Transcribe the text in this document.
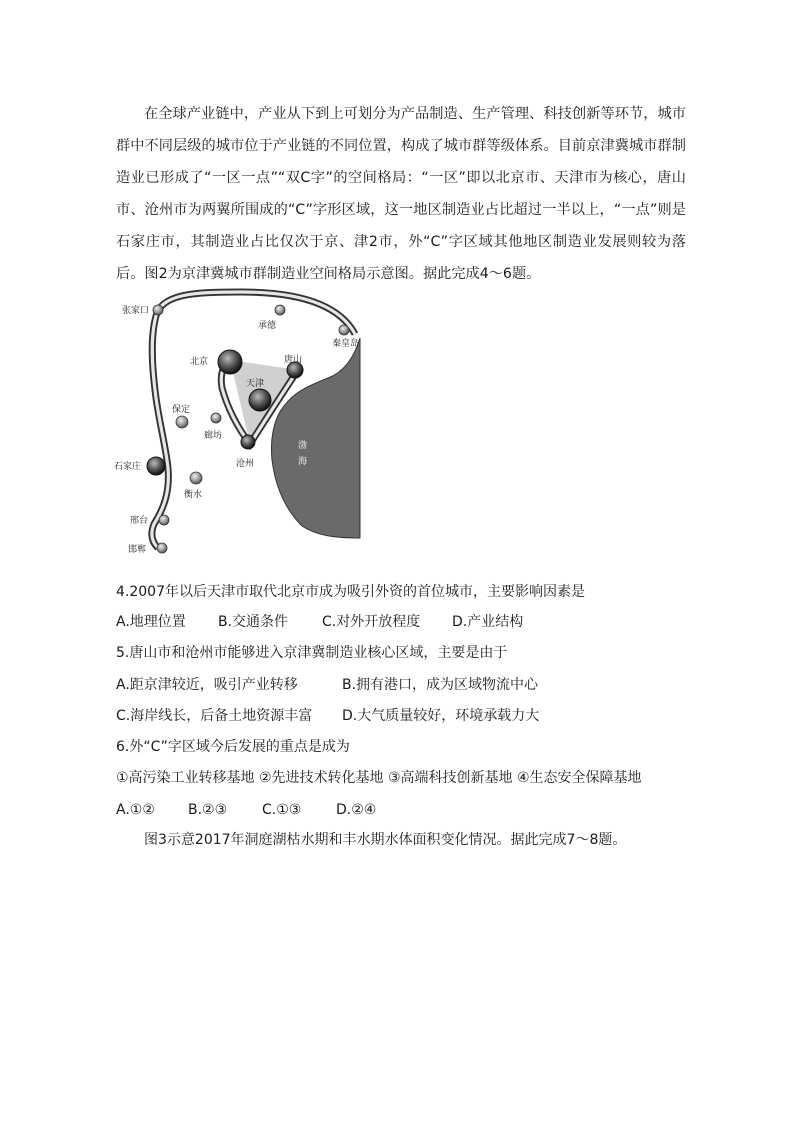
在全球产业链中，产业从下到上可划分为产品制造、生产管理、科技创新等环节，城市群中不同层级的城市位于产业链的不同位置，构成了城市群等级体系。目前京津冀城市群制造业已形成了“一区一点”“双C字”的空间格局：“一区”即以北京市、天津市为核心，唐山市、沧州市为两翼所围成的“C”字形区域，这一地区制造业占比超过一半以上，“一点”则是石家庄市，其制造业占比仅次于京、津2市，外“C”字区域其他地区制造业发展则较为落后。图2为京津冀城市群制造业空间格局示意图。据此完成4～6题。

张家口
承德
秦皇岛
北京	唐山
天津
保定
廊坊
渤
海
石家庄	沧州
衡水
邢台
邯郸
4.2007年以后天津市取代北京市成为吸引外资的首位城市，主要影响因素是
A.地理位置 B.交通条件 C.对外开放程度 D.产业结构
5.唐山市和沧州市能够进入京津冀制造业核心区域，主要是由于
A.距京津较近，吸引产业转移	B.拥有港口，成为区域物流中心
C.海岸线长，后备土地资源丰富 D.大气质量较好，环境承载力大
6.外“C”字区域今后发展的重点是成为
①高污染工业转移基地 ②先进技术转化基地 ③高端科技创新基地 ④生态安全保障基地
A.①② B.②③ C.①③ D.②④
图3示意2017年洞庭湖枯水期和丰水期水体面积变化情况。据此完成7～8题。
